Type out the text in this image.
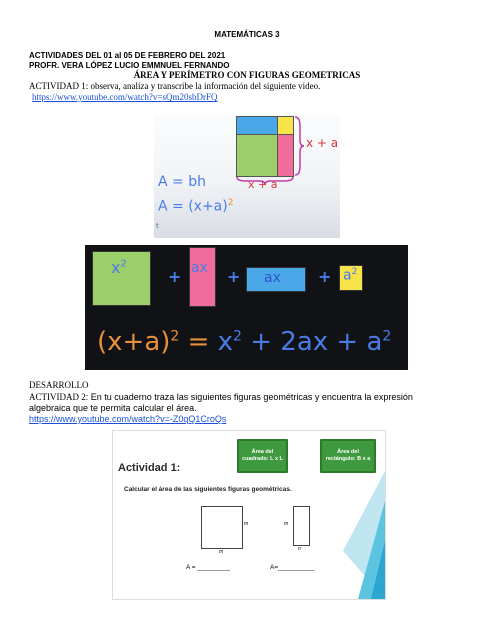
MATEMÁTICAS 3
ACTIVIDADES DEL 01 al 05 DE FEBRERO DEL 2021
PROFR. VERA LÓPEZ LUCIO EMMNUEL FERNANDO
ÁREA Y PERÍMETRO CON FIGURAS GEOMETRICAS
ACTIVIDAD 1: observa, analiza y transcribe la información del siguiente video.
https://www.youtube.com/watch?v=sQm20sbDrFQ
x + a
x + a
A = bh
$A = (x+a)^2$
t
$x^2$
+ ax + ax + $a^2$
$(x+a)^2 = x^2 + 2ax + a^2$
DESARROLLO
ACTIVIDAD 2: En tu cuaderno traza las siguientes figuras geométricas y encuentra la expresión
algebraica que te permita calcular el área.
https://www.youtube.com/watch?v=-Z0qQ1CroQs
Área del cuadrado: L x L
Área del rectángulo: B x a
Actividad 1:
Calcular el área de las siguientes figuras geométricas.
m
m
m
n
A = _________	A=__________
